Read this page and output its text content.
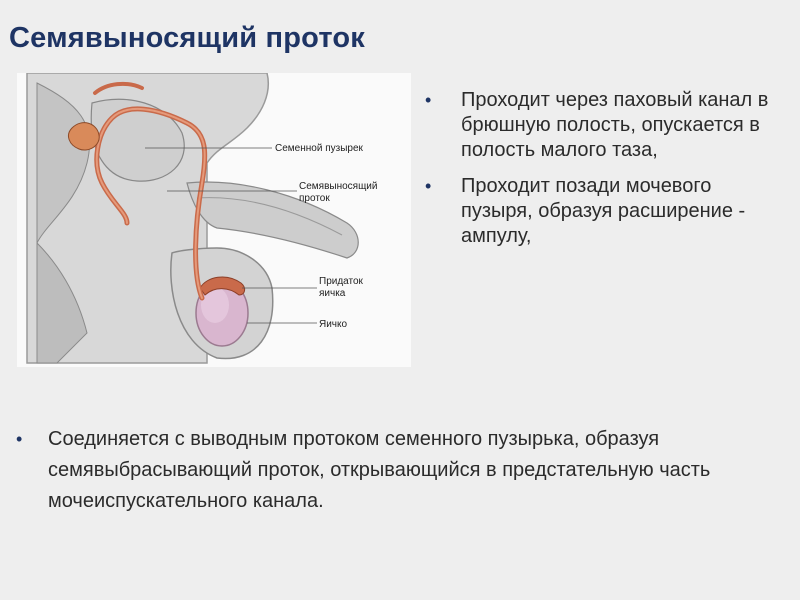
Семявыносящий проток
Семенной пузырек
Семявыносящий
проток
Придаток
яичка
Яичко
• Проходит через паховый канал в брюшную полость, опускается в полость малого таза,
• Проходит позади мочевого пузыря, образуя расширение - ампулу,
• Соединяется с выводным протоком семенного пузырька, образуя семявыбрасывающий проток, открывающийся в предстательную часть мочеиспускательного канала.
